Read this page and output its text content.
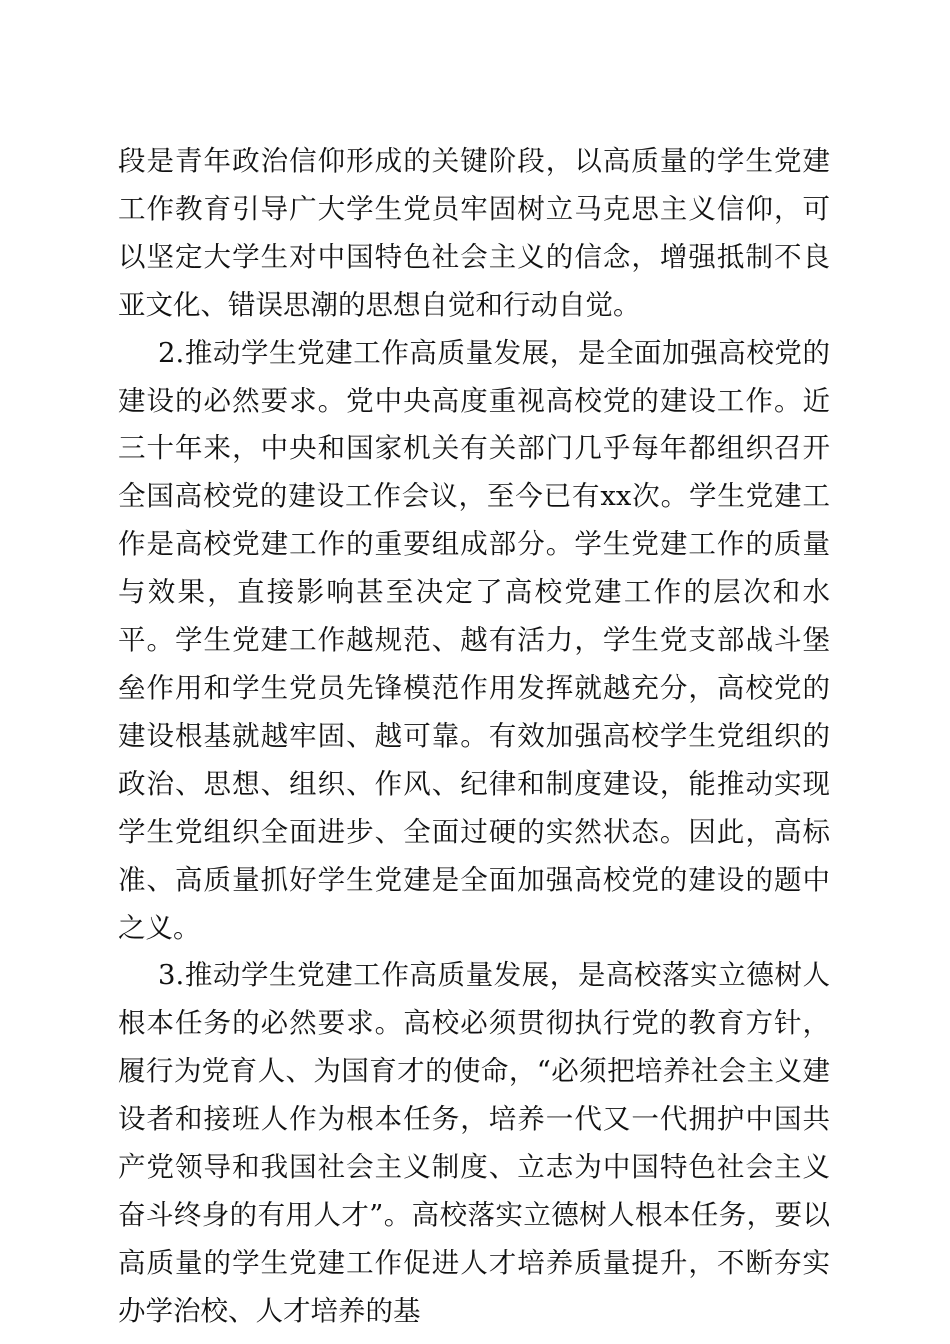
段是青年政治信仰形成的关键阶段，以高质量的学生党建工作教育引导广大学生党员牢固树立马克思主义信仰，可以坚定大学生对中国特色社会主义的信念，增强抵制不良亚文化、错误思潮的思想自觉和行动自觉。

2.推动学生党建工作高质量发展，是全面加强高校党的建设的必然要求。党中央高度重视高校党的建设工作。近三十年来，中央和国家机关有关部门几乎每年都组织召开全国高校党的建设工作会议，至今已有xx次。学生党建工作是高校党建工作的重要组成部分。学生党建工作的质量与效果，直接影响甚至决定了高校党建工作的层次和水平。学生党建工作越规范、越有活力，学生党支部战斗堡垒作用和学生党员先锋模范作用发挥就越充分，高校党的建设根基就越牢固、越可靠。有效加强高校学生党组织的政治、思想、组织、作风、纪律和制度建设，能推动实现学生党组织全面进步、全面过硬的实然状态。因此，高标准、高质量抓好学生党建是全面加强高校党的建设的题中之义。

3.推动学生党建工作高质量发展，是高校落实立德树人根本任务的必然要求。高校必须贯彻执行党的教育方针，履行为党育人、为国育才的使命，“必须把培养社会主义建设者和接班人作为根本任务，培养一代又一代拥护中国共产党领导和我国社会主义制度、立志为中国特色社会主义奋斗终身的有用人才”。高校落实立德树人根本任务，要以高质量的学生党建工作促进人才培养质量提升，不断夯实办学治校、人才培养的基
